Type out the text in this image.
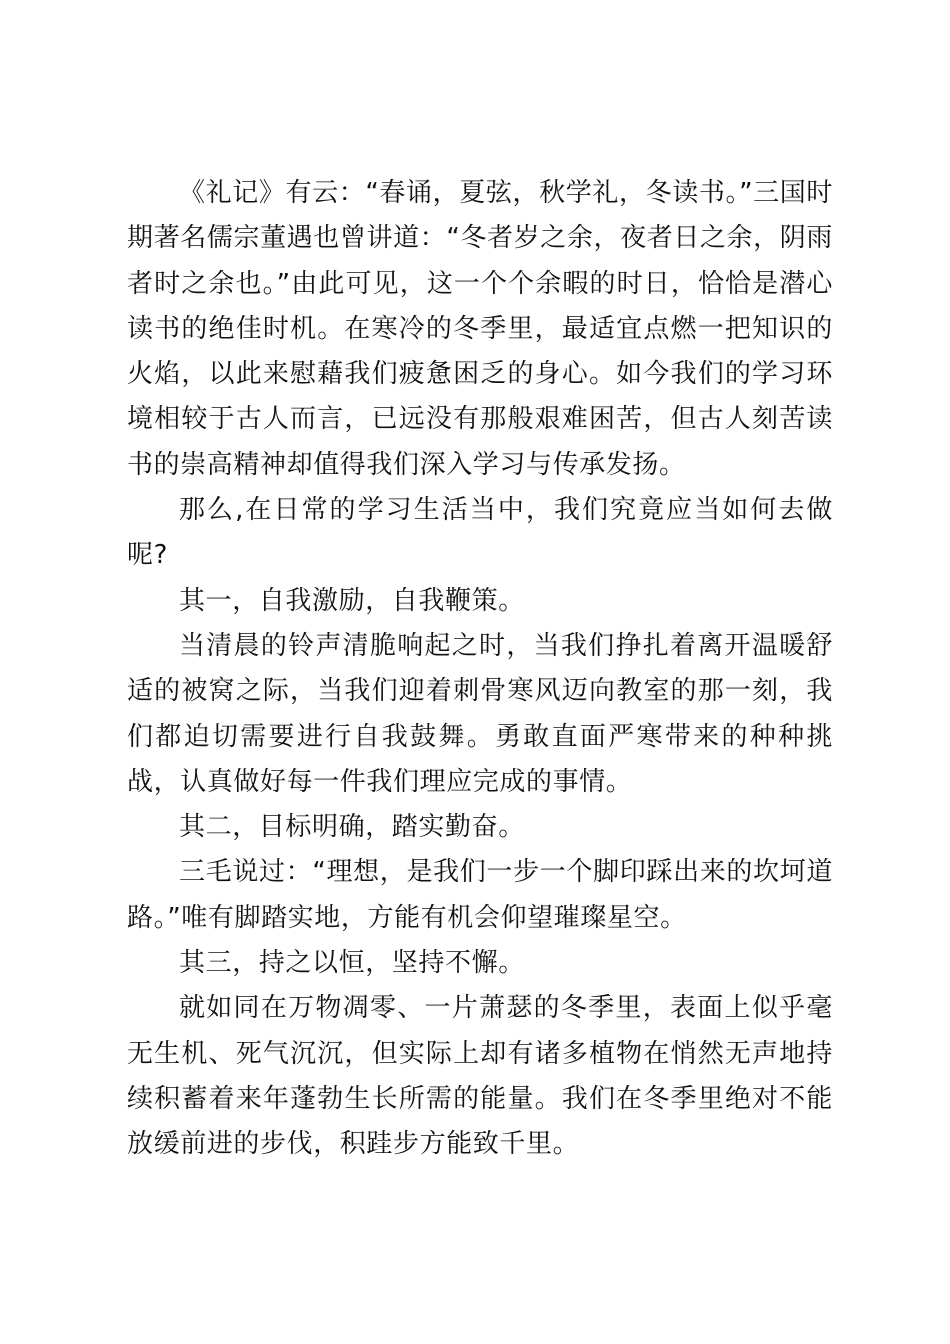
《礼记》有云：“春诵，夏弦，秋学礼，冬读书。”三国时期著名儒宗董遇也曾讲道：“冬者岁之余，夜者日之余，阴雨者时之余也。”由此可见，这一个个余暇的时日，恰恰是潜心读书的绝佳时机。在寒冷的冬季里，最适宜点燃一把知识的火焰，以此来慰藉我们疲惫困乏的身心。如今我们的学习环境相较于古人而言，已远没有那般艰难困苦，但古人刻苦读书的崇高精神却值得我们深入学习与传承发扬。

那么,在日常的学习生活当中，我们究竟应当如何去做呢?

其一，自我激励，自我鞭策。

当清晨的铃声清脆响起之时，当我们挣扎着离开温暖舒适的被窝之际，当我们迎着刺骨寒风迈向教室的那一刻，我们都迫切需要进行自我鼓舞。勇敢直面严寒带来的种种挑战，认真做好每一件我们理应完成的事情。

其二，目标明确，踏实勤奋。

三毛说过：“理想，是我们一步一个脚印踩出来的坎坷道路。”唯有脚踏实地，方能有机会仰望璀璨星空。

其三，持之以恒，坚持不懈。

就如同在万物凋零、一片萧瑟的冬季里，表面上似乎毫无生机、死气沉沉，但实际上却有诸多植物在悄然无声地持续积蓄着来年蓬勃生长所需的能量。我们在冬季里绝对不能放缓前进的步伐，积跬步方能致千里。
